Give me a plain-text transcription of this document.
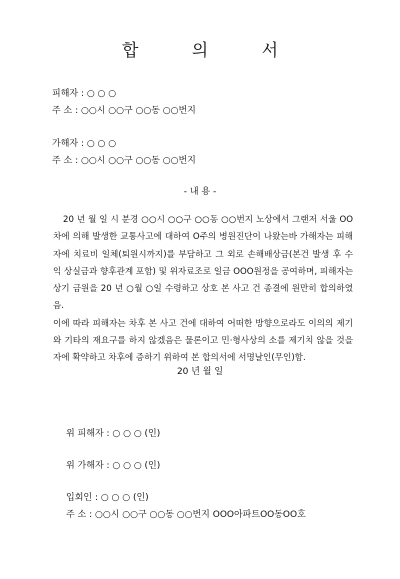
합 의 서
피해자 : ○ ○ ○
주 소 : ○○시 ○○구 ○○동 ○○번지
가해자 : ○ ○ ○
주 소 : ○○시 ○○구 ○○동 ○○번지
- 내 용 -

20 년 월 일 시 분경 ○○시 ○○구 ○○동 ○○번지 노상에서 그랜저 서울 OO 차에 의해 발생한 교통사고에 대하여 O주의 병원진단이 나왔는바 가해자는 피해자에 치료비 일체(퇴원시까지)를 부담하고 그 외로 손해배상금(본건 발생 후 수익 상실금과 향후관계 포함) 및 위자료조로 일금 OOO원정을 공여하며, 피해자는 상기 금원을 20 년 ○월 ○일 수령하고 상호 본 사고 건 종결에 원만히 합의하였음.

이에 따라 피해자는 차후 본 사고 건에 대하여 어떠한 방향으로라도 이의의 제기와 기타의 재요구를 하지 않겠음은 물론이고 민·형사상의 소를 제기치 않을 것을 자에 확약하고 차후에 증하기 위하여 본 합의서에 서명날인(무인)함.

20 년 월 일
위 피해자 : ○ ○ ○ (인)
위 가해자 : ○ ○ ○ (인)
입회인 : ○ ○ ○ (인)
주 소 : ○○시 ○○구 ○○동 ○○번지 OOO아파트OO동OO호
